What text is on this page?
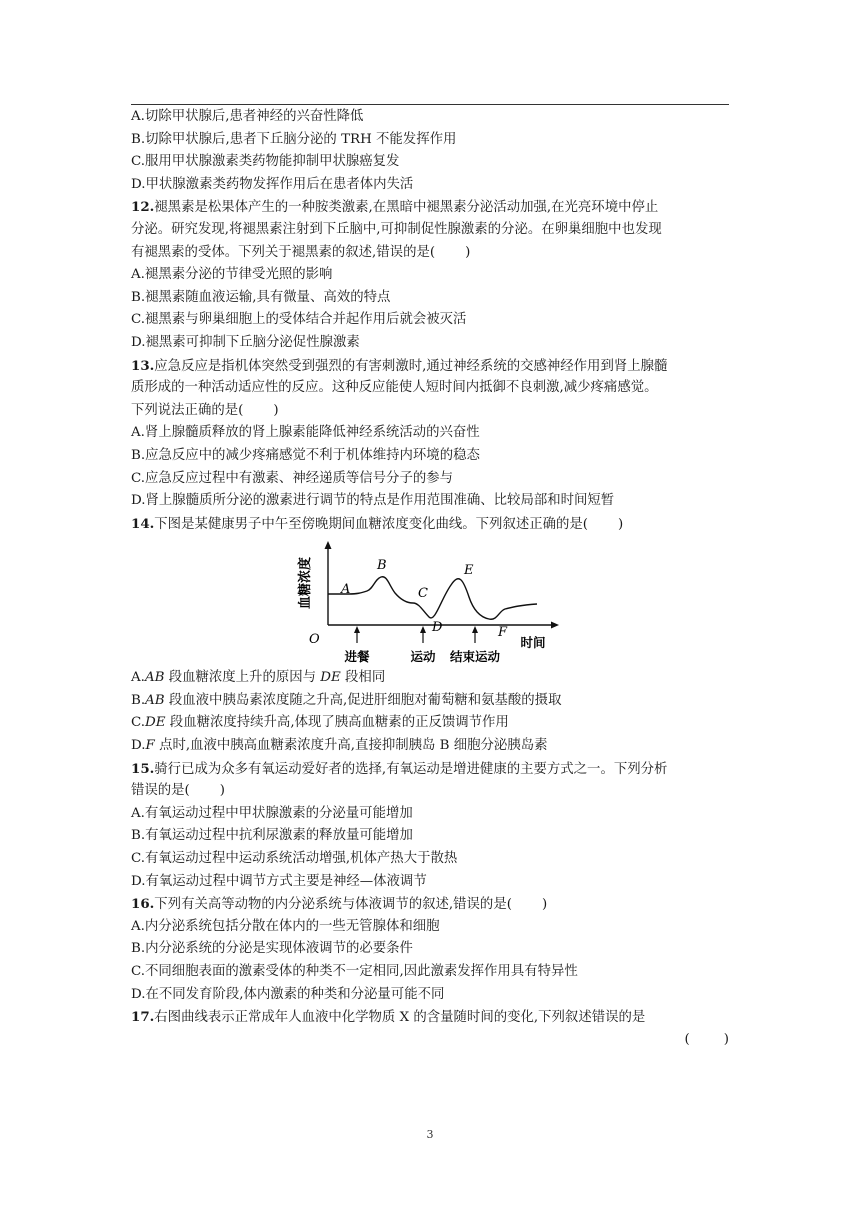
A.切除甲状腺后,患者神经的兴奋性降低
B.切除甲状腺后,患者下丘脑分泌的 TRH 不能发挥作用
C.服用甲状腺激素类药物能抑制甲状腺癌复发
D.甲状腺激素类药物发挥作用后在患者体内失活
12.褪黑素是松果体产生的一种胺类激素,在黑暗中褪黑素分泌活动加强,在光亮环境中停止
分泌。研究发现,将褪黑素注射到下丘脑中,可抑制促性腺激素的分泌。在卵巢细胞中也发现
有褪黑素的受体。下列关于褪黑素的叙述,错误的是( )
A.褪黑素分泌的节律受光照的影响
B.褪黑素随血液运输,具有微量、高效的特点
C.褪黑素与卵巢细胞上的受体结合并起作用后就会被灭活
D.褪黑素可抑制下丘脑分泌促性腺激素
13.应急反应是指机体突然受到强烈的有害刺激时,通过神经系统的交感神经作用到肾上腺髓
质形成的一种活动适应性的反应。这种反应能使人短时间内抵御不良刺激,减少疼痛感觉。
下列说法正确的是( )
A.肾上腺髓质释放的肾上腺素能降低神经系统活动的兴奋性
B.应急反应中的减少疼痛感觉不利于机体维持内环境的稳态
C.应急反应过程中有激素、神经递质等信号分子的参与
D.肾上腺髓质所分泌的激素进行调节的特点是作用范围准确、比较局部和时间短暂
14.下图是某健康男子中午至傍晚期间血糖浓度变化曲线。下列叙述正确的是( )
A
B
C
D
E
F
O
血糖浓度
进餐	运动 结束运动
时间
A.AB 段血糖浓度上升的原因与 DE 段相同
B.AB 段血液中胰岛素浓度随之升高,促进肝细胞对葡萄糖和氨基酸的摄取
C.DE 段血糖浓度持续升高,体现了胰高血糖素的正反馈调节作用
D.F 点时,血液中胰高血糖素浓度升高,直接抑制胰岛 B 细胞分泌胰岛素
15.骑行已成为众多有氧运动爱好者的选择,有氧运动是增进健康的主要方式之一。下列分析
错误的是( )
A.有氧运动过程中甲状腺激素的分泌量可能增加
B.有氧运动过程中抗利尿激素的释放量可能增加
C.有氧运动过程中运动系统活动增强,机体产热大于散热
D.有氧运动过程中调节方式主要是神经—体液调节
16.下列有关高等动物的内分泌系统与体液调节的叙述,错误的是( )
A.内分泌系统包括分散在体内的一些无管腺体和细胞
B.内分泌系统的分泌是实现体液调节的必要条件
C.不同细胞表面的激素受体的种类不一定相同,因此激素发挥作用具有特异性
D.在不同发育阶段,体内激素的种类和分泌量可能不同
17.右图曲线表示正常成年人血液中化学物质 X 的含量随时间的变化,下列叙述错误的是
(        )
3
